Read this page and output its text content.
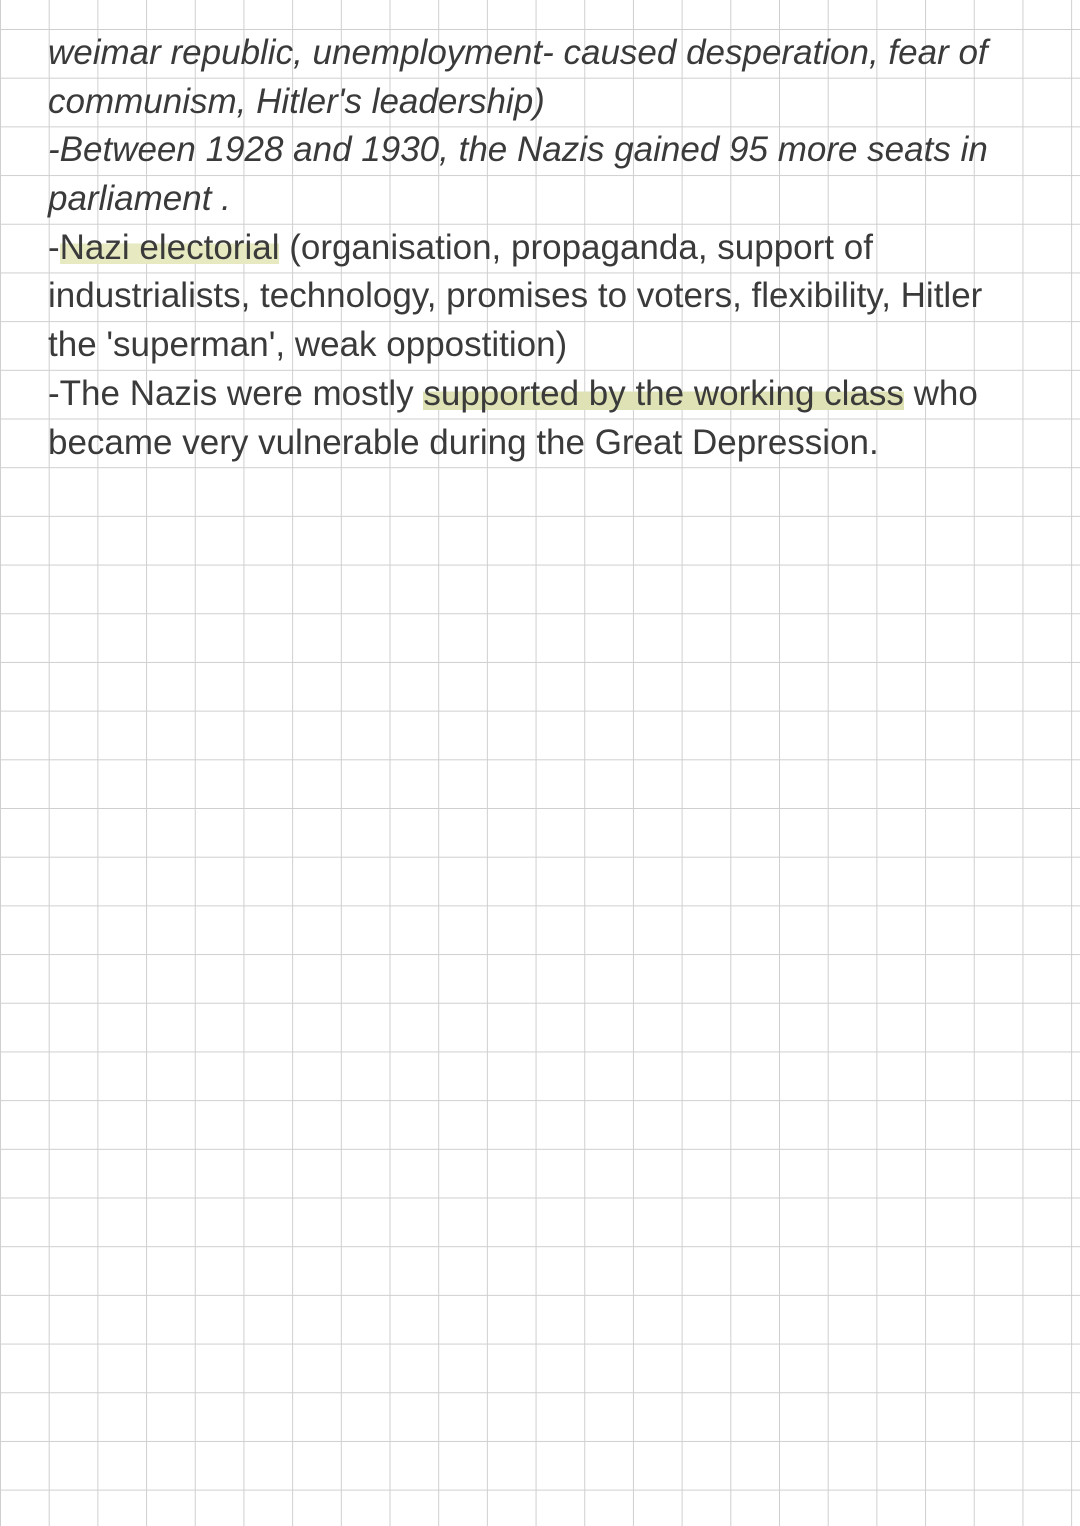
weimar republic, unemployment- caused desperation, fear of
communism, Hitler's leadership)
-Between 1928 and 1930, the Nazis gained 95 more seats in
parliament .
-Nazi electorial (organisation, propaganda, support of
industrialists, technology, promises to voters, flexibility, Hitler
the 'superman', weak oppostition)
-The Nazis were mostly supported by the working class who
became very vulnerable during the Great Depression.
